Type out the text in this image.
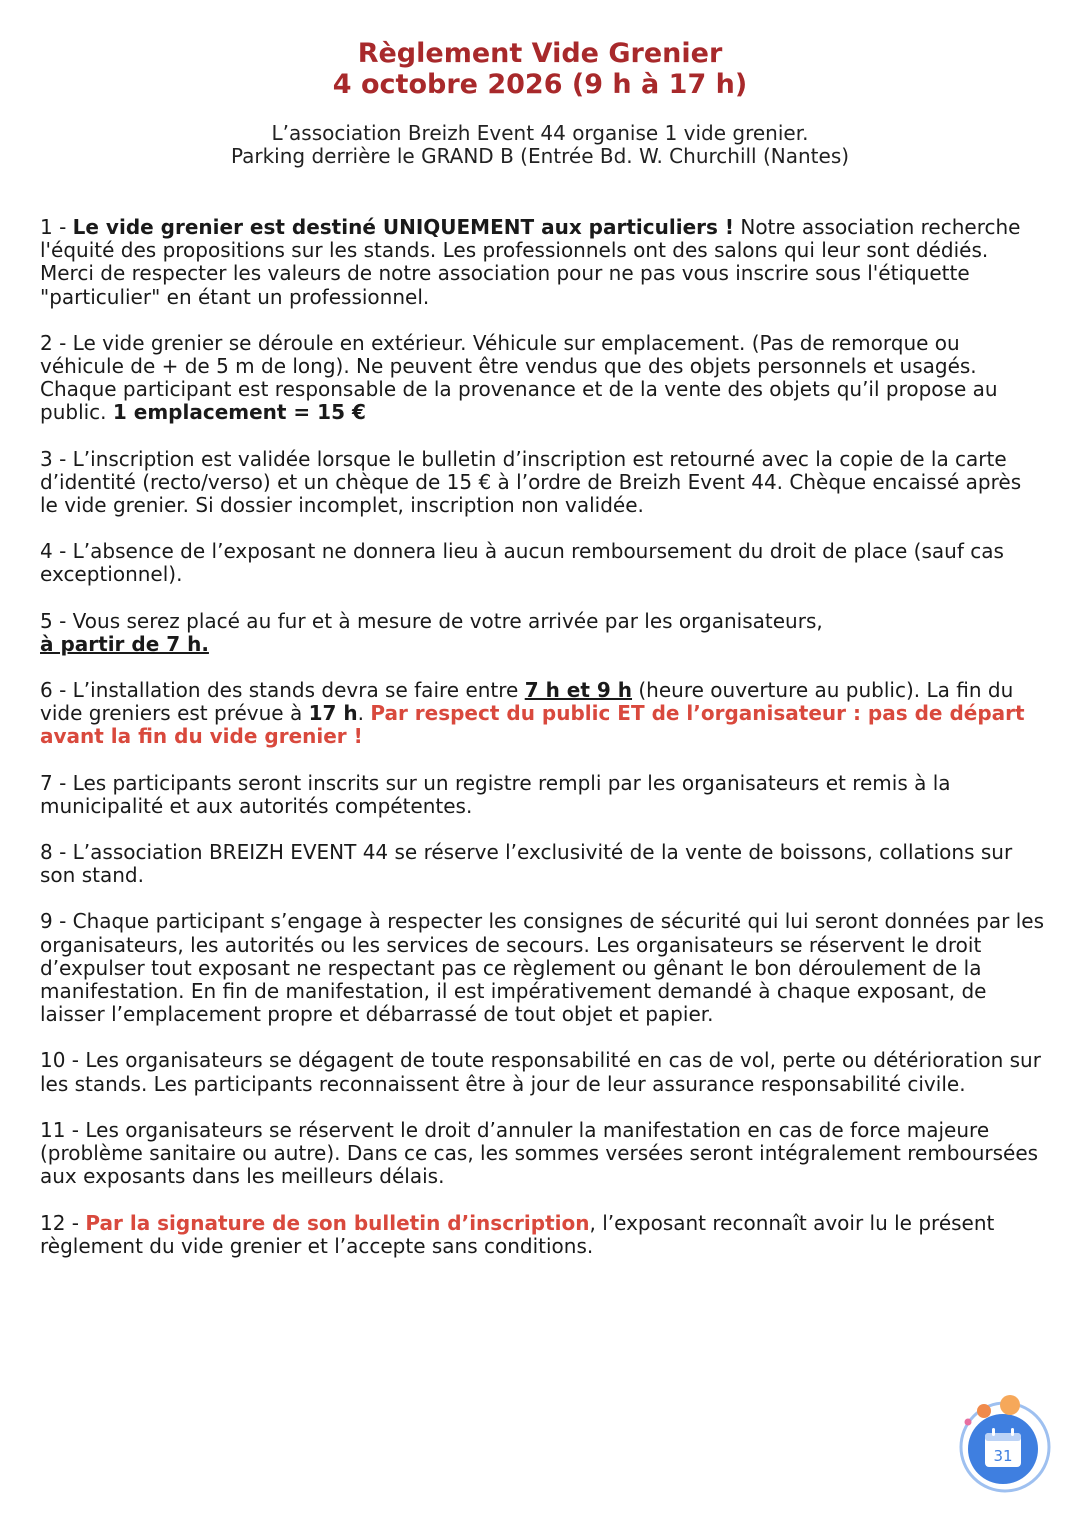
Règlement Vide Grenier

4 octobre 2026 (9 h à 17 h)

L’association Breizh Event 44 organise 1 vide grenier.
Parking derrière le GRAND B (Entrée Bd. W. Churchill (Nantes)

1 - Le vide grenier est destiné UNIQUEMENT aux particuliers ! Notre association recherche l'équité des propositions sur les stands. Les professionnels ont des salons qui leur sont dédiés. Merci de respecter les valeurs de notre association pour ne pas vous inscrire sous l'étiquette "particulier" en étant un professionnel.

2 - Le vide grenier se déroule en extérieur. Véhicule sur emplacement. (Pas de remorque ou véhicule de + de 5 m de long). Ne peuvent être vendus que des objets personnels et usagés. Chaque participant est responsable de la provenance et de la vente des objets qu’il propose au public. 1 emplacement = 15 €

3 - L’inscription est validée lorsque le bulletin d’inscription est retourné avec la copie de la carte d’identité (recto/verso) et un chèque de 15 € à l’ordre de Breizh Event 44. Chèque encaissé après le vide grenier. Si dossier incomplet, inscription non validée.

4 - L’absence de l’exposant ne donnera lieu à aucun remboursement du droit de place (sauf cas exceptionnel).

5 - Vous serez placé au fur et à mesure de votre arrivée par les organisateurs,
à partir de 7 h.

6 - L’installation des stands devra se faire entre 7 h et 9 h (heure ouverture au public). La fin du vide greniers est prévue à 17 h. Par respect du public ET de l’organisateur : pas de départ avant la fin du vide grenier !

7 - Les participants seront inscrits sur un registre rempli par les organisateurs et remis à la municipalité et aux autorités compétentes.

8 - L’association BREIZH EVENT 44 se réserve l’exclusivité de la vente de boissons, collations sur son stand.

9 - Chaque participant s’engage à respecter les consignes de sécurité qui lui seront données par les organisateurs, les autorités ou les services de secours. Les organisateurs se réservent le droit d’expulser tout exposant ne respectant pas ce règlement ou gênant le bon déroulement de la manifestation. En fin de manifestation, il est impérativement demandé à chaque exposant, de laisser l’emplacement propre et débarrassé de tout objet et papier.

10 - Les organisateurs se dégagent de toute responsabilité en cas de vol, perte ou détérioration sur les stands. Les participants reconnaissent être à jour de leur assurance responsabilité civile.

11 - Les organisateurs se réservent le droit d’annuler la manifestation en cas de force majeure (problème sanitaire ou autre). Dans ce cas, les sommes versées seront intégralement remboursées aux exposants dans les meilleurs délais.

12 - Par la signature de son bulletin d’inscription, l’exposant reconnaît avoir lu le présent règlement du vide grenier et l’accepte sans conditions.

31
